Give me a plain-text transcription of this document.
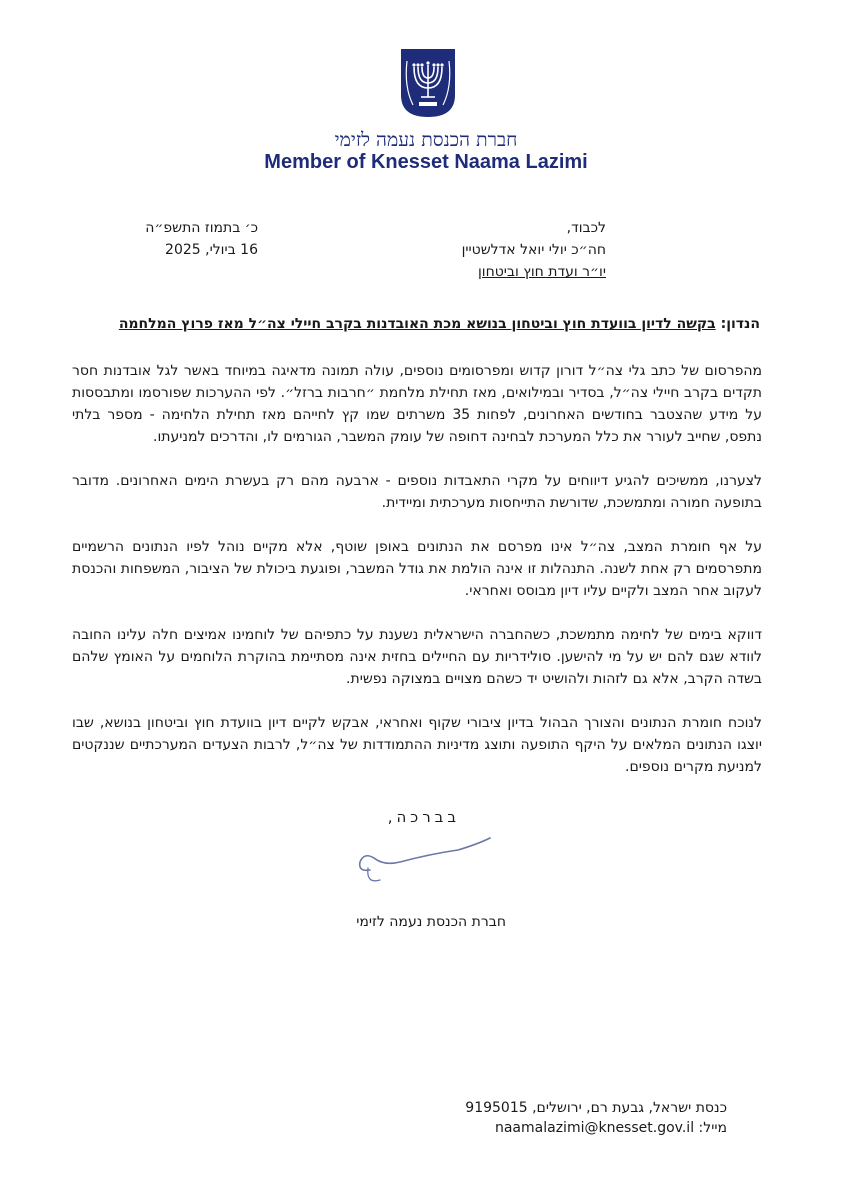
חברת הכנסת נעמה לזימי
Member of Knesset Naama Lazimi
לכבוד,
חה״כ יולי יואל אדלשטיין
יו״ר ועדת חוץ וביטחון
כ׳ בתמוז התשפ״ה
16 ביולי, 2025
הנדון: בקשה לדיון בוועדת חוץ וביטחון בנושא מכת האובדנות בקרב חיילי צה״ל מאז פרוץ המלחמה

מהפרסום של כתב גלי צה״ל דורון קדוש ומפרסומים נוספים, עולה תמונה מדאיגה במיוחד באשר לגל אובדנות חסר תקדים בקרב חיילי צה״ל, בסדיר ובמילואים, מאז תחילת מלחמת ״חרבות ברזל״. לפי ההערכות שפורסמו ומתבססות על מידע שהצטבר בחודשים האחרונים, לפחות 35 משרתים שמו קץ לחייהם מאז תחילת הלחימה - מספר בלתי נתפס, שחייב לעורר את כלל המערכת לבחינה דחופה של עומק המשבר, הגורמים לו, והדרכים למניעתו.

לצערנו, ממשיכים להגיע דיווחים על מקרי התאבדות נוספים - ארבעה מהם רק בעשרת הימים האחרונים. מדובר בתופעה חמורה ומתמשכת, שדורשת התייחסות מערכתית ומיידית.

על אף חומרת המצב, צה״ל אינו מפרסם את הנתונים באופן שוטף, אלא מקיים נוהל לפיו הנתונים הרשמיים מתפרסמים רק אחת לשנה. התנהלות זו אינה הולמת את גודל המשבר, ופוגעת ביכולת של הציבור, המשפחות והכנסת לעקוב אחר המצב ולקיים עליו דיון מבוסס ואחראי.

דווקא בימים של לחימה מתמשכת, כשהחברה הישראלית נשענת על כתפיהם של לוחמינו אמיצים חלה עלינו החובה לוודא שגם להם יש על מי להישען. סולידריות עם החיילים בחזית אינה מסתיימת בהוקרת הלוחמים על האומץ שלהם בשדה הקרב, אלא גם לזהות ולהושיט יד כשהם מצויים במצוקה נפשית.

לנוכח חומרת הנתונים והצורך הבהול בדיון ציבורי שקוף ואחראי, אבקש לקיים דיון בוועדת חוץ וביטחון בנושא, שבו יוצגו הנתונים המלאים על היקף התופעה ותוצג מדיניות ההתמודדות של צה״ל, לרבות הצעדים המערכתיים שננקטים למניעת מקרים נוספים.

בברכה,
חברת הכנסת נעמה לזימי
כנסת ישראל, גבעת רם, ירושלים, 9195015
מייל: naamalazimi@knesset.gov.il
